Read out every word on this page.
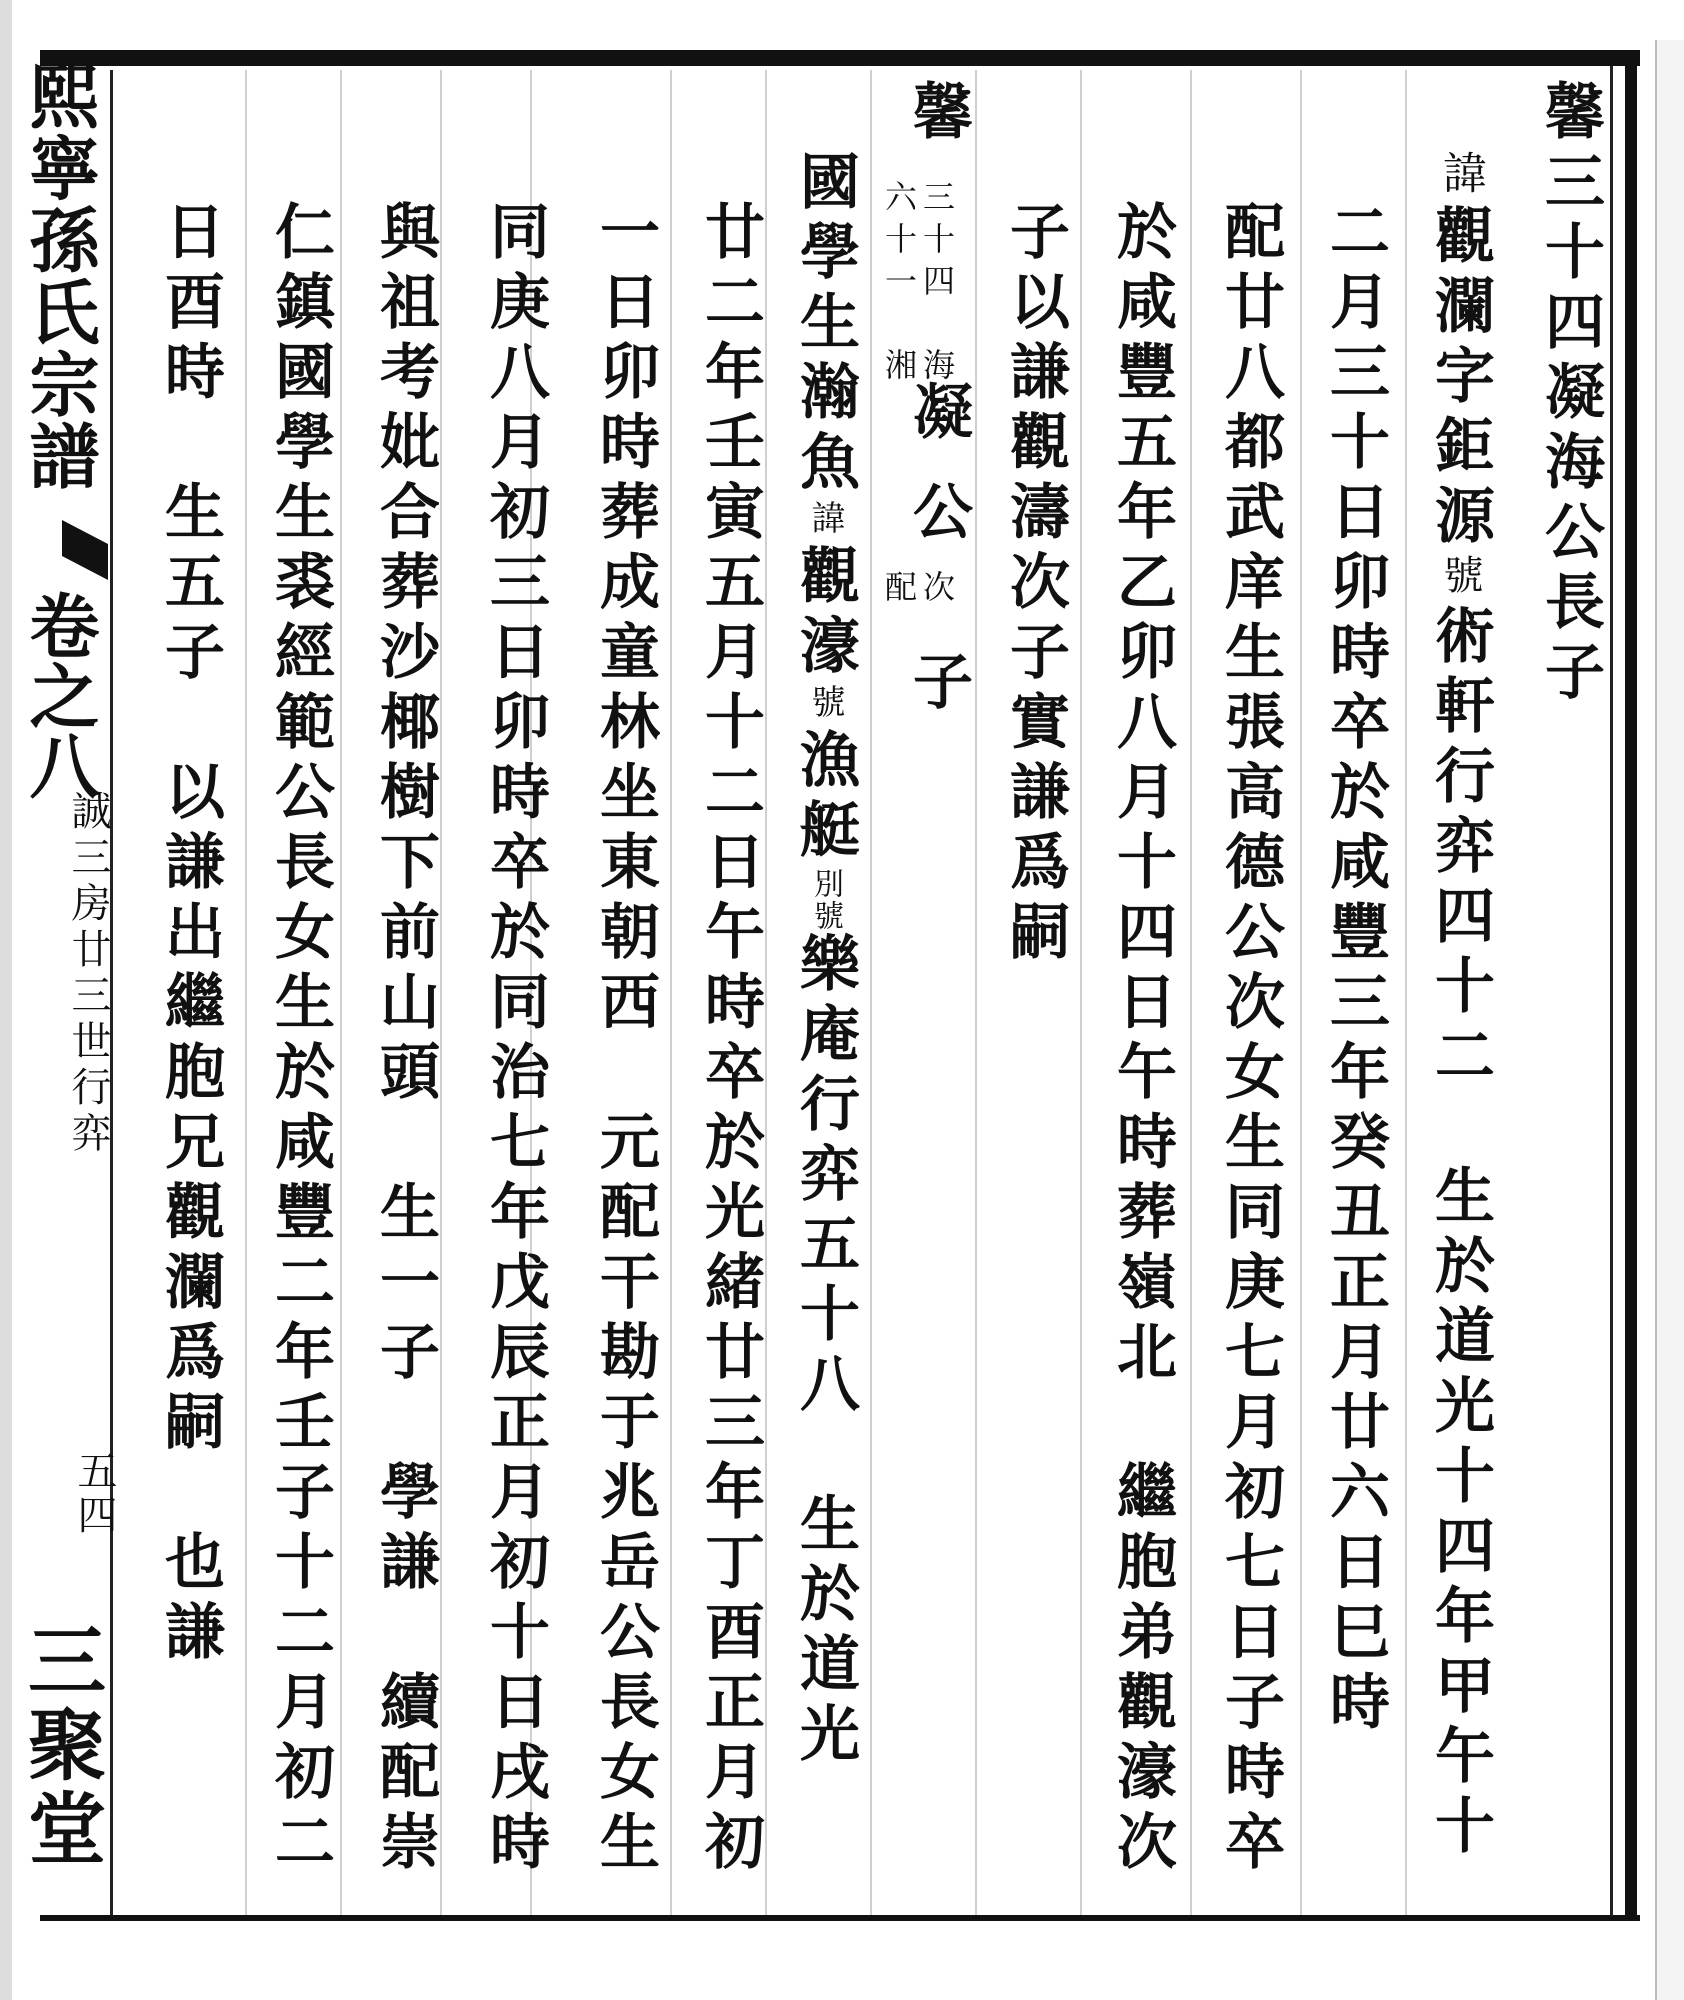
熙寧孫氏宗譜
卷之八
誠三房廿三世行弈
五四
三聚堂
馨三十四凝海公長子
諱
觀瀾字鉅源
號
術軒行弈四十二　生於道光十四年甲午十
二月三十日卯時卒於咸豐三年癸丑正月廿六日巳時
配廿八都武庠生張高德公次女生同庚七月初七日子時卒
於咸豐五年乙卯八月十四日午時葬嶺北　繼胞弟觀濠次
子以謙觀濤次子實謙爲嗣
馨
三十四　海
六十一　湘
凝
公
次
配
子
國學生瀚魚
諱
觀濠
號
漁艇
別號
樂庵行弈五十八　生於道光
廿二年壬寅五月十二日午時卒於光緒廿三年丁酉正月初
一日卯時葬成童林坐東朝西　元配干勘于兆岳公長女生
同庚八月初三日卯時卒於同治七年戊辰正月初十日戌時
與祖考妣合葬沙椰樹下前山頭　生一子　學謙　續配崇
仁鎮國學生裘經範公長女生於咸豐二年壬子十二月初二
日酉時　生五子　以謙出繼胞兄觀瀾爲嗣　也謙
